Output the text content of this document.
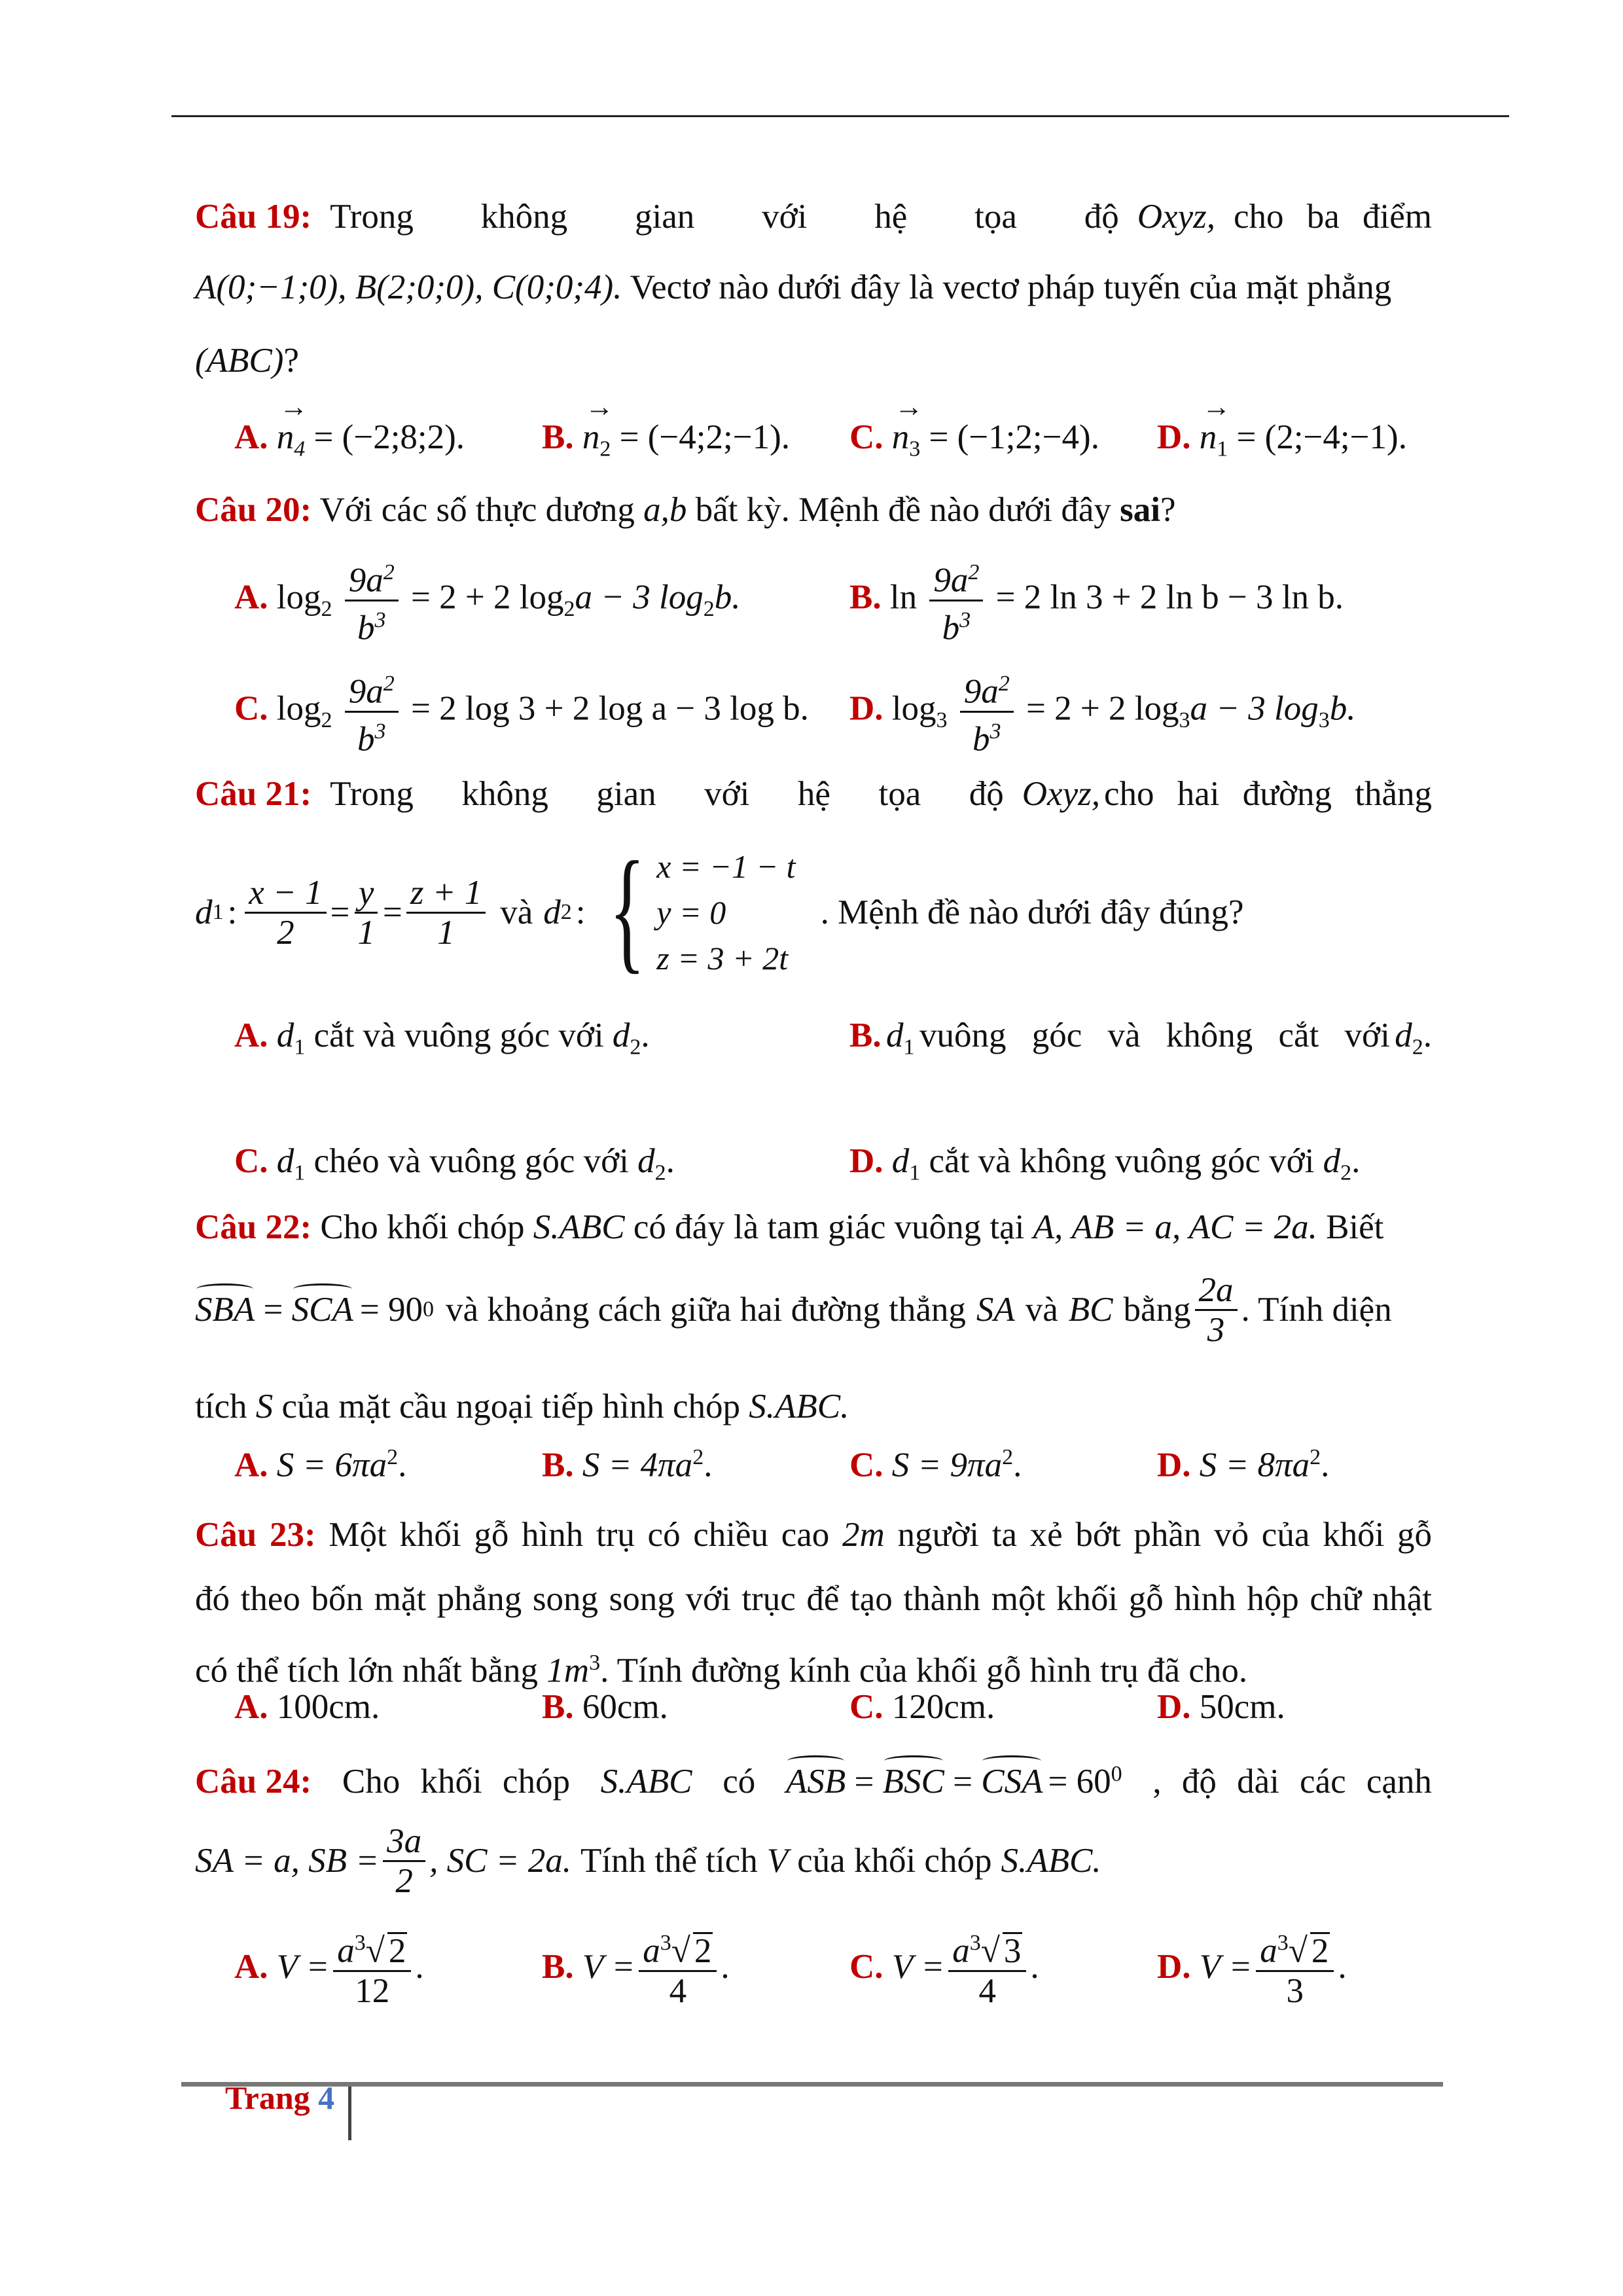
Câu 19: Trong không gian với hệ tọa độ Oxyz, cho ba điểm
A(0;−1;0), B(2;0;0), C(0;0;4). Vectơ nào dưới đây là vectơ pháp tuyến của mặt phẳng
(ABC)?
A. → $n_4$ = (−2;8;2). B. → $n_2$ = (−4;2;−1). C. → $n_3$ = (−1;2;−4). D. → $n_1$ = (2;−4;−1).
Câu 20: Với các số thực dương a,b bất kỳ. Mệnh đề nào dưới đây sai?
A. $\log_2 \frac{9a^2}{b^3} = 2 + 2$ $\log_2a - 3$ $\log_2b$.	B. $\ln \frac{9a^2}{b^3} = 2$ ln 3 + 2 ln b − 3 ln b.
C. $\log_2 \frac{9a^2}{b^3} = 2$ log 3 + 2 log a − 3 log b. D. $\log_3 \frac{9a^2}{b^3} = 2 + 2$ $\log_3a - 3$ $\log_3b$.
Câu 21: Trong không gian với hệ tọa độ Oxyz, cho hai đường thẳng
d 1 : $\frac{x - 1}{2} = \frac{y}{1} = \frac{z + 1}{1}$ và d 2 : { x = −1 − t
y = 0
z = 3 + 2t
. Mệnh đề nào dưới đây đúng?
A. $d_1$ cắt và vuông góc với $d_2$.	B. $d_1$ vuông góc và không cắt với $d_2$.
C. $d_1$ chéo và vuông góc với $d_2$.	D. $d_1$ cắt và không vuông góc với $d_2$.
Câu 22: Cho khối chóp S.ABC có đáy là tam giác vuông tại A, AB = a, AC = 2a. Biết
SBA = SCA = 90 0 và khoảng cách giữa hai đường thẳng SA và BC bằng $\frac{2a}{3}$ . Tính diện
tích S của mặt cầu ngoại tiếp hình chóp S.ABC.
A. $S = 6\pi a^2$.	B. $S = 4\pi a^2$.	C. $S = 9\pi a^2$.	D. $S = 8\pi a^2$.
Câu 23: Một khối gỗ hình trụ có chiều cao 2m người ta xẻ bớt phần vỏ của khối gỗ
đó theo bốn mặt phẳng song song với trục để tạo thành một khối gỗ hình hộp chữ nhật
có thể tích lớn nhất bằng $1m^3$. Tính đường kính của khối gỗ hình trụ đã cho.
A. 100cm.	B. 60cm.	C. 120cm.	D. 50cm.
Câu 24: Cho khối chóp S.ABC có ASB = BSC = CSA = $60^0$ , độ dài các cạnh
SA = a, SB = $\frac{3a}{2}$ , SC = 2a. Tính thể tích V của khối chóp S.ABC.
A.
$V = \frac{a^3√ 2}{12}$ .	B.
$V = \frac{a^3√ 2}{4}$ .	C.
$V = \frac{a^3√ 3}{4}$ .	D.
$V = \frac{a^3√ 2}{3}$ .
Trang 4
